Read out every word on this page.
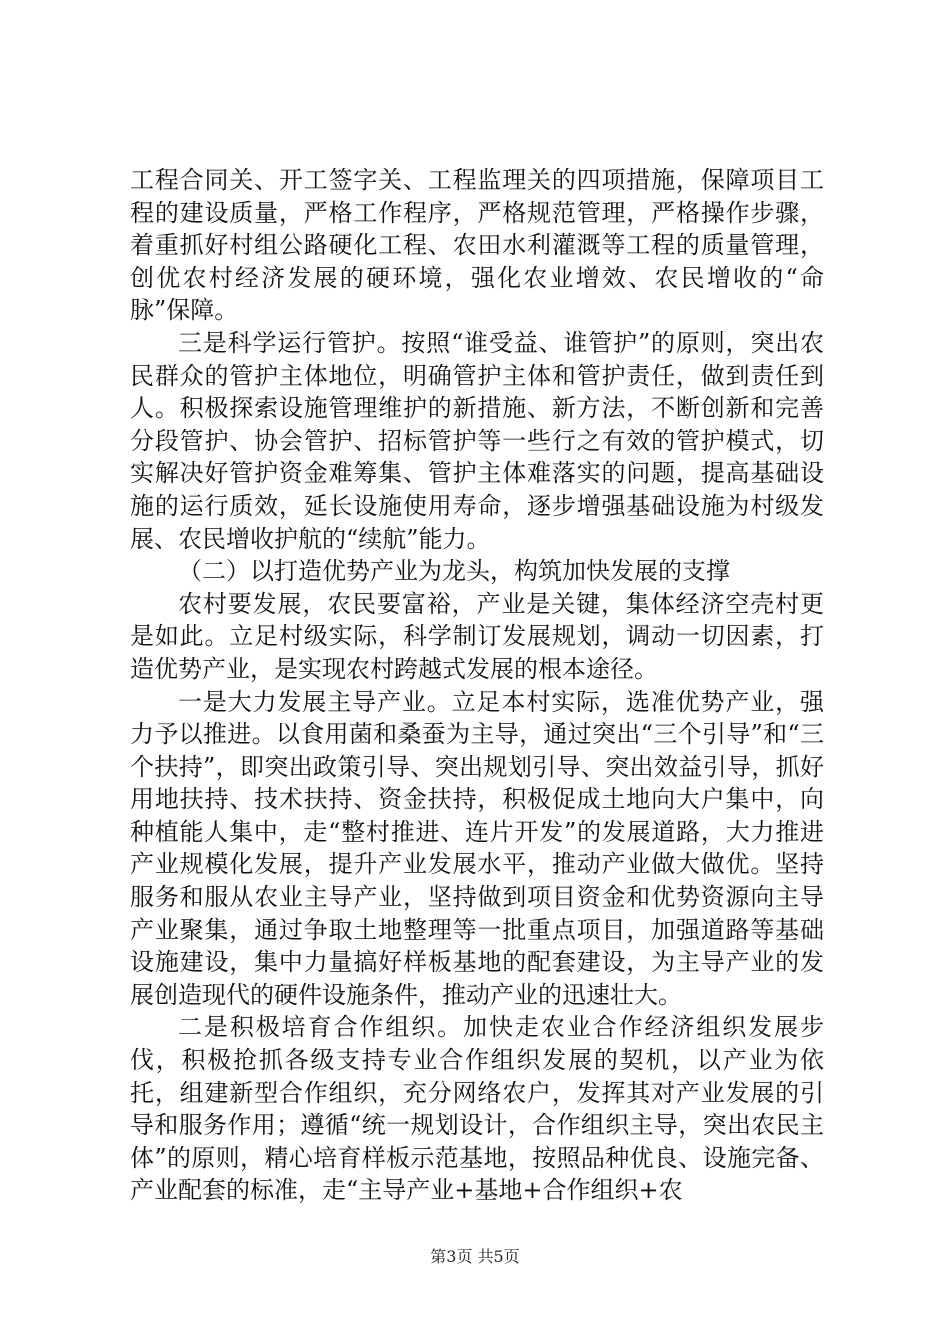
工程合同关、开工签字关、工程监理关的四项措施，保障项目工程的建设质量，严格工作程序，严格规范管理，严格操作步骤，着重抓好村组公路硬化工程、农田水利灌溉等工程的质量管理，创优农村经济发展的硬环境，强化农业增效、农民增收的“命脉”保障。

三是科学运行管护。按照“谁受益、谁管护”的原则，突出农民群众的管护主体地位，明确管护主体和管护责任，做到责任到人。积极探索设施管理维护的新措施、新方法，不断创新和完善分段管护、协会管护、招标管护等一些行之有效的管护模式，切实解决好管护资金难筹集、管护主体难落实的问题，提高基础设施的运行质效，延长设施使用寿命，逐步增强基础设施为村级发展、农民增收护航的“续航”能力。

（二）以打造优势产业为龙头，构筑加快发展的支撑

农村要发展，农民要富裕，产业是关键，集体经济空壳村更是如此。立足村级实际，科学制订发展规划，调动一切因素，打造优势产业，是实现农村跨越式发展的根本途径。

一是大力发展主导产业。立足本村实际，选准优势产业，强力予以推进。以食用菌和桑蚕为主导，通过突出“三个引导”和“三个扶持”，即突出政策引导、突出规划引导、突出效益引导，抓好用地扶持、技术扶持、资金扶持，积极促成土地向大户集中，向种植能人集中，走“整村推进、连片开发”的发展道路，大力推进产业规模化发展，提升产业发展水平，推动产业做大做优。坚持服务和服从农业主导产业，坚持做到项目资金和优势资源向主导产业聚集，通过争取土地整理等一批重点项目，加强道路等基础设施建设，集中力量搞好样板基地的配套建设，为主导产业的发展创造现代的硬件设施条件，推动产业的迅速壮大。

二是积极培育合作组织。加快走农业合作经济组织发展步伐，积极抢抓各级支持专业合作组织发展的契机，以产业为依托，组建新型合作组织，充分网络农户，发挥其对产业发展的引导和服务作用；遵循“统一规划设计，合作组织主导，突出农民主体”的原则，精心培育样板示范基地，按照品种优良、设施完备、产业配套的标准，走“主导产业+基地+合作组织+农

第3页 共5页
